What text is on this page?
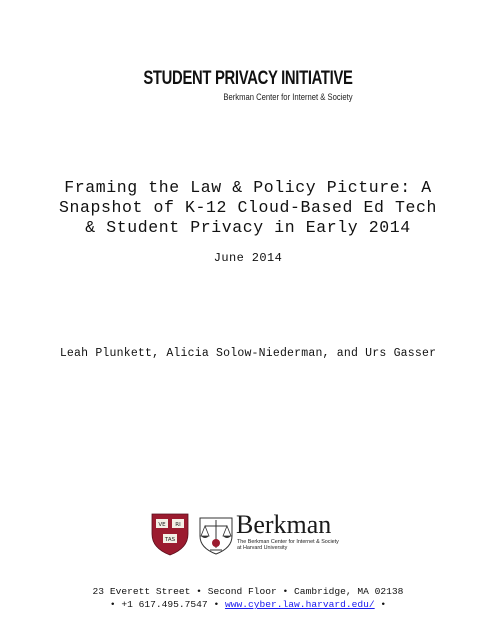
STUDENT PRIVACY INITIATIVE
Berkman Center for Internet & Society
Framing the Law & Policy Picture: A
Snapshot of K-12 Cloud-Based Ed Tech
& Student Privacy in Early 2014
June 2014
Leah Plunkett, Alicia Solow-Niederman, and Urs Gasser
VE RI
TAS
Berkman
The Berkman Center for Internet & Society
at Harvard University
23 Everett Street • Second Floor • Cambridge, MA 02138
• +1 617.495.7547 • www.cyber.law.harvard.edu/ •
